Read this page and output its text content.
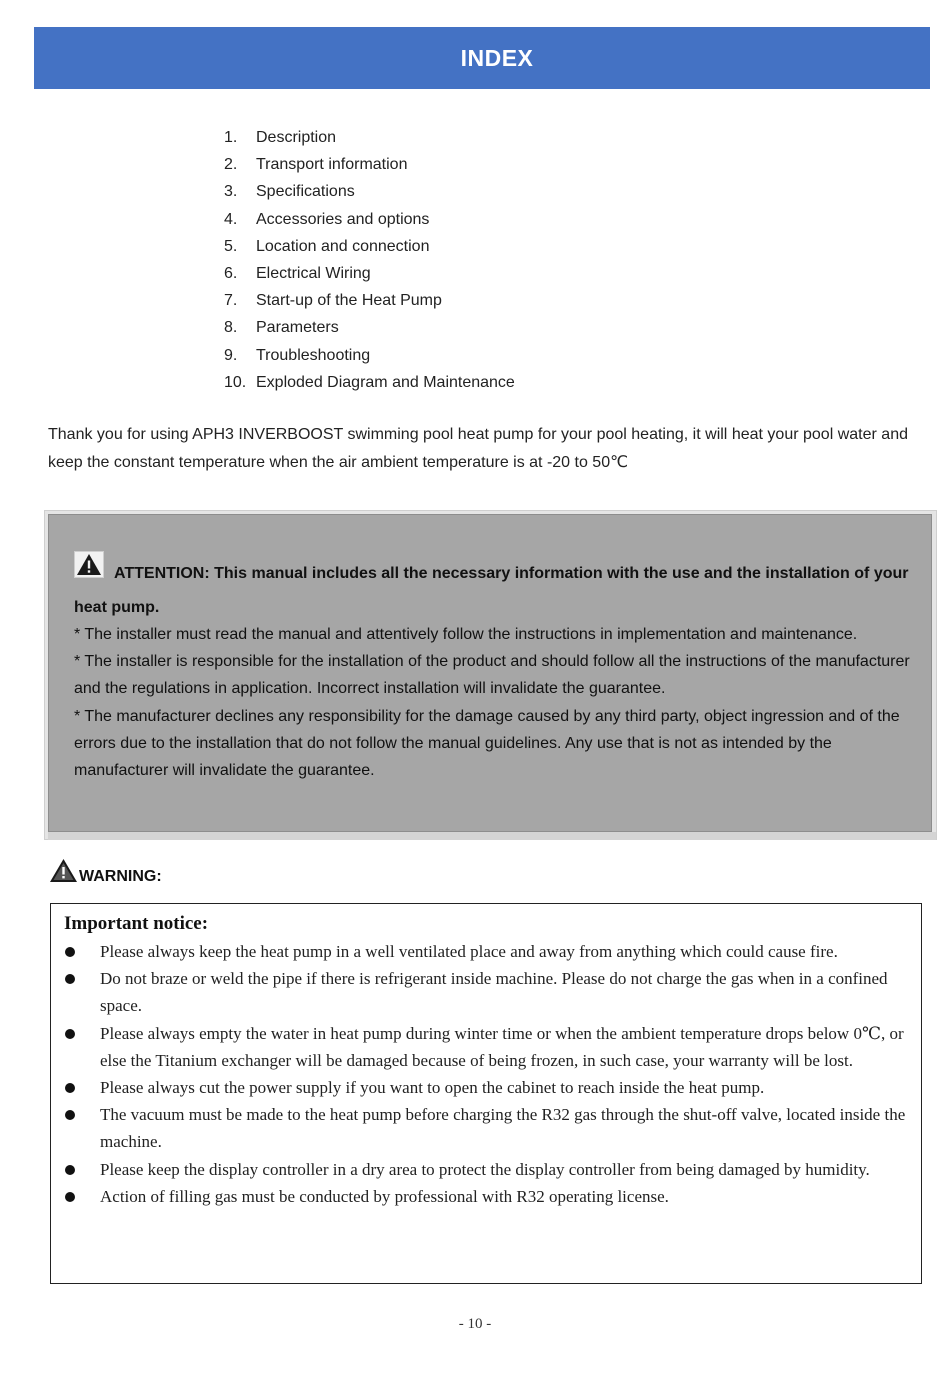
INDEX
1.	Description
2.	Transport information
3.	Specifications
4.	Accessories and options
5.	Location and connection
6.	Electrical Wiring
7.	Start-up of the Heat Pump
8.	Parameters
9.	Troubleshooting
10. Exploded Diagram and Maintenance

Thank you for using APH3 INVERBOOST swimming pool heat pump for your pool heating, it will heat your pool water and keep the constant temperature when the air ambient temperature is at -20 to 50℃

ATTENTION: This manual includes all the necessary information with the use and the installation of your heat pump.

* The installer must read the manual and attentively follow the instructions in implementation and maintenance.

* The installer is responsible for the installation of the product and should follow all the instructions of the manufacturer and the regulations in application. Incorrect installation will invalidate the guarantee.

* The manufacturer declines any responsibility for the damage caused by any third party, object ingression and of the errors due to the installation that do not follow the manual guidelines. Any use that is not as intended by the manufacturer will invalidate the guarantee.

WARNING:
Important notice:
Please always keep the heat pump in a well ventilated place and away from anything which could cause fire.
Do not braze or weld the pipe if there is refrigerant inside machine. Please do not charge the gas when in a confined space.
Please always empty the water in heat pump during winter time or when the ambient temperature drops below 0℃, or else the Titanium exchanger will be damaged because of being frozen, in such case, your warranty will be lost.
Please always cut the power supply if you want to open the cabinet to reach inside the heat pump.
The vacuum must be made to the heat pump before charging the R32 gas through the shut-off valve, located inside the machine.
Please keep the display controller in a dry area to protect the display controller from being damaged by humidity.
Action of filling gas must be conducted by professional with R32 operating license.
- 10 -
